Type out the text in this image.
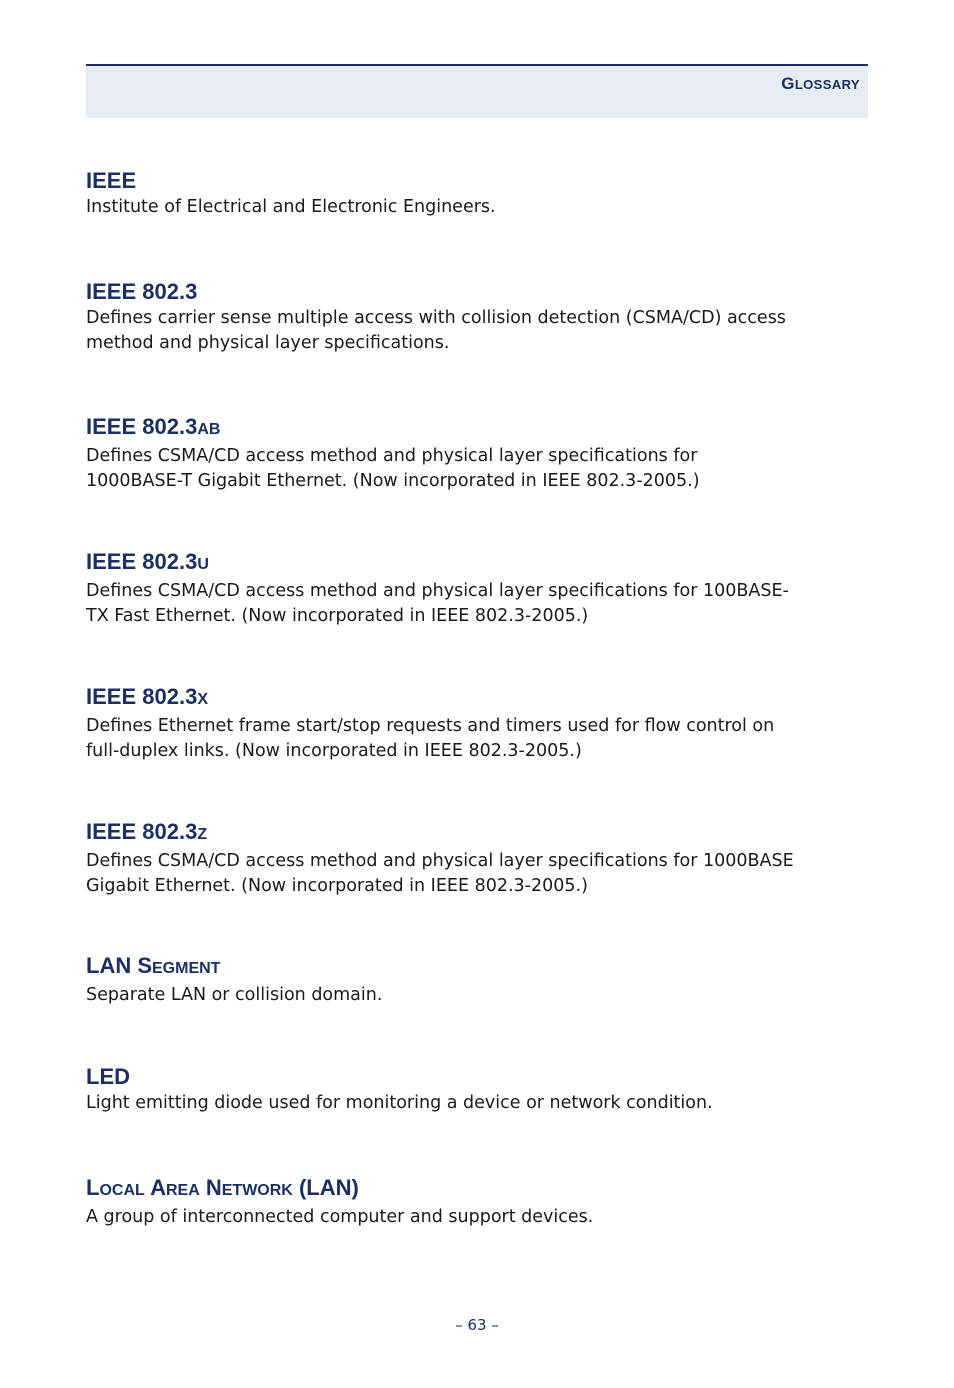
GLOSSARY
IEEE

Institute of Electrical and Electronic Engineers.

IEEE 802.3

Defines carrier sense multiple access with collision detection (CSMA/CD) access
method and physical layer specifications.

IEEE 802.3AB

Defines CSMA/CD access method and physical layer specifications for
1000BASE-T Gigabit Ethernet. (Now incorporated in IEEE 802.3-2005.)

IEEE 802.3U

Defines CSMA/CD access method and physical layer specifications for 100BASE-
TX Fast Ethernet. (Now incorporated in IEEE 802.3-2005.)

IEEE 802.3X

Defines Ethernet frame start/stop requests and timers used for flow control on
full-duplex links. (Now incorporated in IEEE 802.3-2005.)

IEEE 802.3Z

Defines CSMA/CD access method and physical layer specifications for 1000BASE
Gigabit Ethernet. (Now incorporated in IEEE 802.3-2005.)

LAN SEGMENT

Separate LAN or collision domain.

LED

Light emitting diode used for monitoring a device or network condition.

LOCAL AREA NETWORK (LAN)

A group of interconnected computer and support devices.

– 63 –
